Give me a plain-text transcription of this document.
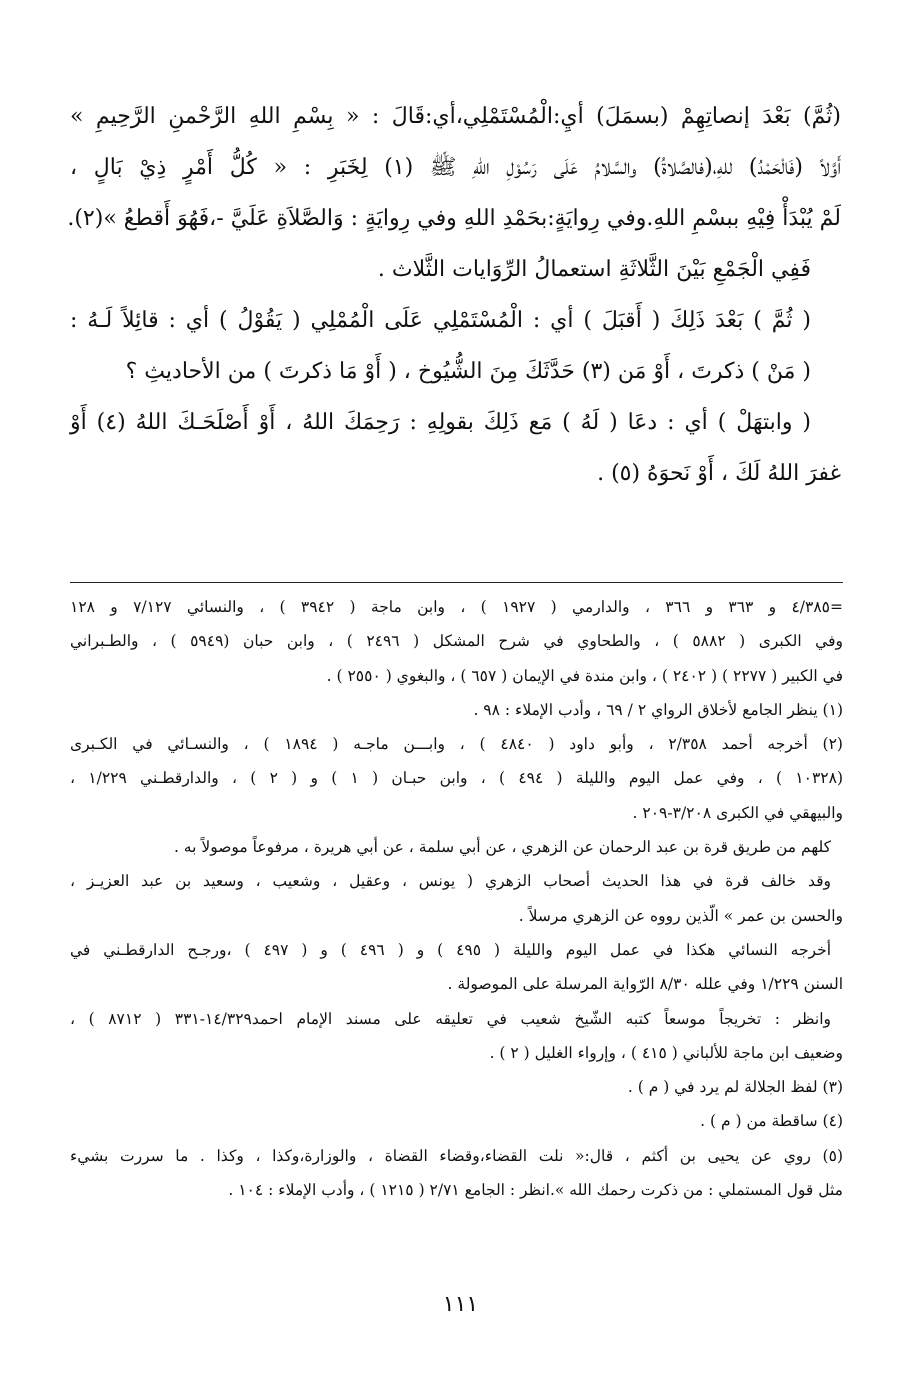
(ثُمَّ) بَعْدَ إنصاتِهِمْ (بسمَلَ) أيِ:الْمُسْتَمْلِي،أي:قَالَ : « بِسْمِ اللهِ الرَّحْمنِ الرَّحِيمِ »
أَوَّلاً (فَالْحَمْدُ) للهِ،(فالصَّلاةُ) والسَّلامُ عَلَى رَسُوْلِ اللهِ ﷺ (١) لِخَبَرِ : « كُلُّ أَمْرٍ ذِيْ بَالٍ ،
لَمْ يُبْدَأْ فِيْهِ ببسْمِ اللهِ.وفي رِوايَةٍ:بحَمْدِ اللهِ وفي رِوايَةٍ : وَالصَّلاَةِ عَلَيَّ -،فَهُوَ أَقطعُ »(٢).
فَفِي الْجَمْعِ بَيْنَ الثَّلاثَةِ استعمالُ الرِّوَايات الثَّلاث .
( ثُمَّ ) بَعْدَ ذَلِكَ ( أَقبَلَ ) أي : الْمُسْتَمْلِي عَلَى الْمُمْلِي ( يَقُوْلُ ) أي : قائِلاً لَـهُ :
( مَنْ ) ذكرتَ ، أَوْ مَن (٣) حَدَّثَكَ مِنَ الشُّيُوخ ، ( أَوْ مَا ذكرتَ ) من الأحاديثِ ؟
( وابتهَلْ ) أي : دعَا ( لَهُ ) مَع ذَلِكَ بقولِهِ : رَحِمَكَ اللهُ ، أَوْ أَصْلَحَـكَ اللهُ (٤) أَوْ
غفرَ اللهُ لَكَ ، أَوْ نَحوَهُ (٥) .
=٤/٣٨٥ و ٣٦٣ و ٣٦٦ ، والدارمي ( ١٩٢٧ ) ، وابن ماجة ( ٣٩٤٢ ) ، والنسائي ٧/١٢٧ و ١٢٨
وفي الكبرى ( ٥٨٨٢ ) ، والطحاوي في شرح المشكل ( ٢٤٩٦ ) ، وابن حبان (٥٩٤٩ ) ، والطـبراني
في الكبير ( ٢٢٧٧ ) ( ٢٤٠٢ ) ، وابن مندة في الإيمان ( ٦٥٧ ) ، والبغوي ( ٢٥٥٠ ) .
(١) ينظر الجامع لأخلاق الرواي ٢ / ٦٩ ، وأدب الإملاء : ٩٨ .
(٢) أخرجه أحمد ٢/٣٥٨ ، وأبو داود ( ٤٨٤٠ ) ، وابـــن ماجـه ( ١٨٩٤ ) ، والنسـائي في الكـبرى
(١٠٣٢٨ ) ، وفي عمل اليوم والليلة ( ٤٩٤ ) ، وابن حبـان ( ١ ) و ( ٢ ) ، والدارقطـني ١/٢٢٩ ،
والبيهقي في الكبرى ٣/٢٠٨-٢٠٩ .
كلهم من طريق قرة بن عبد الرحمان عن الزهري ، عن أبي سلمة ، عن أبي هريرة ، مرفوعاً موصولاً به .
وقد خالف قرة في هذا الحديث أصحاب الزهري ( يونس ، وعقيل ، وشعيب ، وسعيد بن عبد العزيـز ،
والحسن بن عمر » الّذين رووه عن الزهري مرسلاً .
أخرجه النسائي هكذا في عمل اليوم والليلة ( ٤٩٥ ) و ( ٤٩٦ ) و ( ٤٩٧ ) ،ورجـح الدارقطـني في
السنن ١/٢٢٩ وفي علله ٨/٣٠ الرّواية المرسلة على الموصولة .
وانظر : تخريجاً موسعاً كتبه الشّيخ شعيب في تعليقه على مسند الإمام احمد١٤/٣٢٩-٣٣١ ( ٨٧١٢ ) ،
وضعيف ابن ماجة للألباني ( ٤١٥ ) ، وإرواء الغليل ( ٢ ) .
(٣) لفظ الجلالة لم يرد في ( م ) .
(٤) ساقطة من ( م ) .
(٥) روي عن يحيى بن أكثم ، قال:« نلت القضاء،وقضاء القضاة ، والوزارة،وكذا ، وكذا . ما سررت بشيء
مثل قول المستملي : من ذكرت رحمك الله ».انظر : الجامع ٢/٧١ ( ١٢١٥ ) ، وأدب الإملاء : ١٠٤ .
١١١
